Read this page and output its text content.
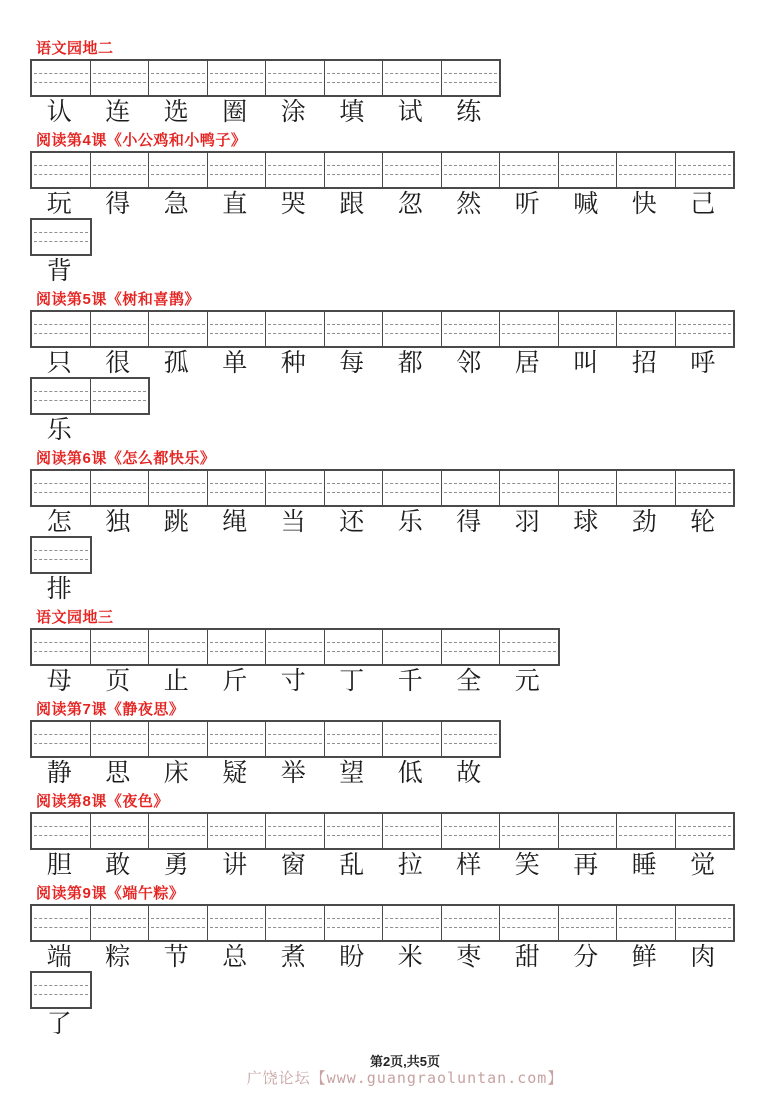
语文园地二
认	连	选	圈	涂	填	试	练
阅读第4课《小公鸡和小鸭子》
玩	得	急	直	哭	跟	忽	然	听	喊	快	己
背
阅读第5课《树和喜鹊》
只	很	孤	单	种	每	都	邻	居	叫	招	呼
乐
阅读第6课《怎么都快乐》
怎	独	跳	绳	当	还	乐	得	羽	球	劲	轮
排
语文园地三
母	页	止	斤	寸	丁	千	全	元
阅读第7课《静夜思》
静	思	床	疑	举	望	低	故
阅读第8课《夜色》
胆	敢	勇	讲	窗	乱	拉	样	笑	再	睡	觉
阅读第9课《端午粽》
端	粽	节	总	煮	盼	米	枣	甜	分	鲜	肉
了
第2页,共5页
广饶论坛【www.guangraoluntan.com】
